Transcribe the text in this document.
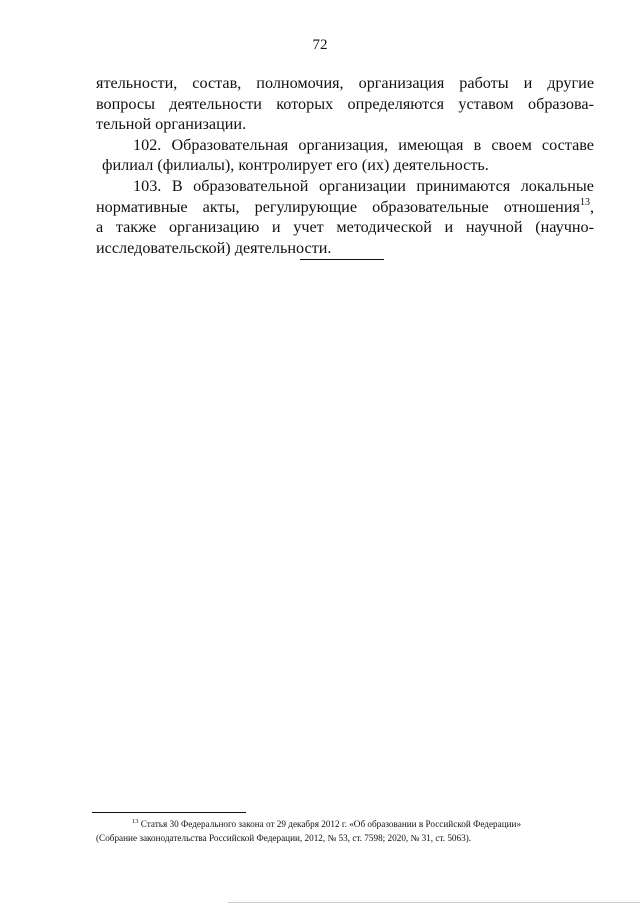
72

ятельности, состав, полномочия, организация работы и другие
вопросы деятельности которых определяются уставом образова-
тельной организации.

102. Образовательная организация, имеющая в своем составе
филиал (филиалы), контролирует его (их) деятельность.

103. В образовательной организации принимаются локальные
нормативные акты, регулирующие образовательные отношения$^{13}$,
а также организацию и учет методической и научной (научно-
исследовательской) деятельности.

$^{13}$ Статья 30 Федерального закона от 29 декабря 2012 г. «Об образовании в Российской Федерации»
(Собрание законодательства Российской Федерации, 2012, № 53, ст. 7598; 2020, № 31, ст. 5063).
